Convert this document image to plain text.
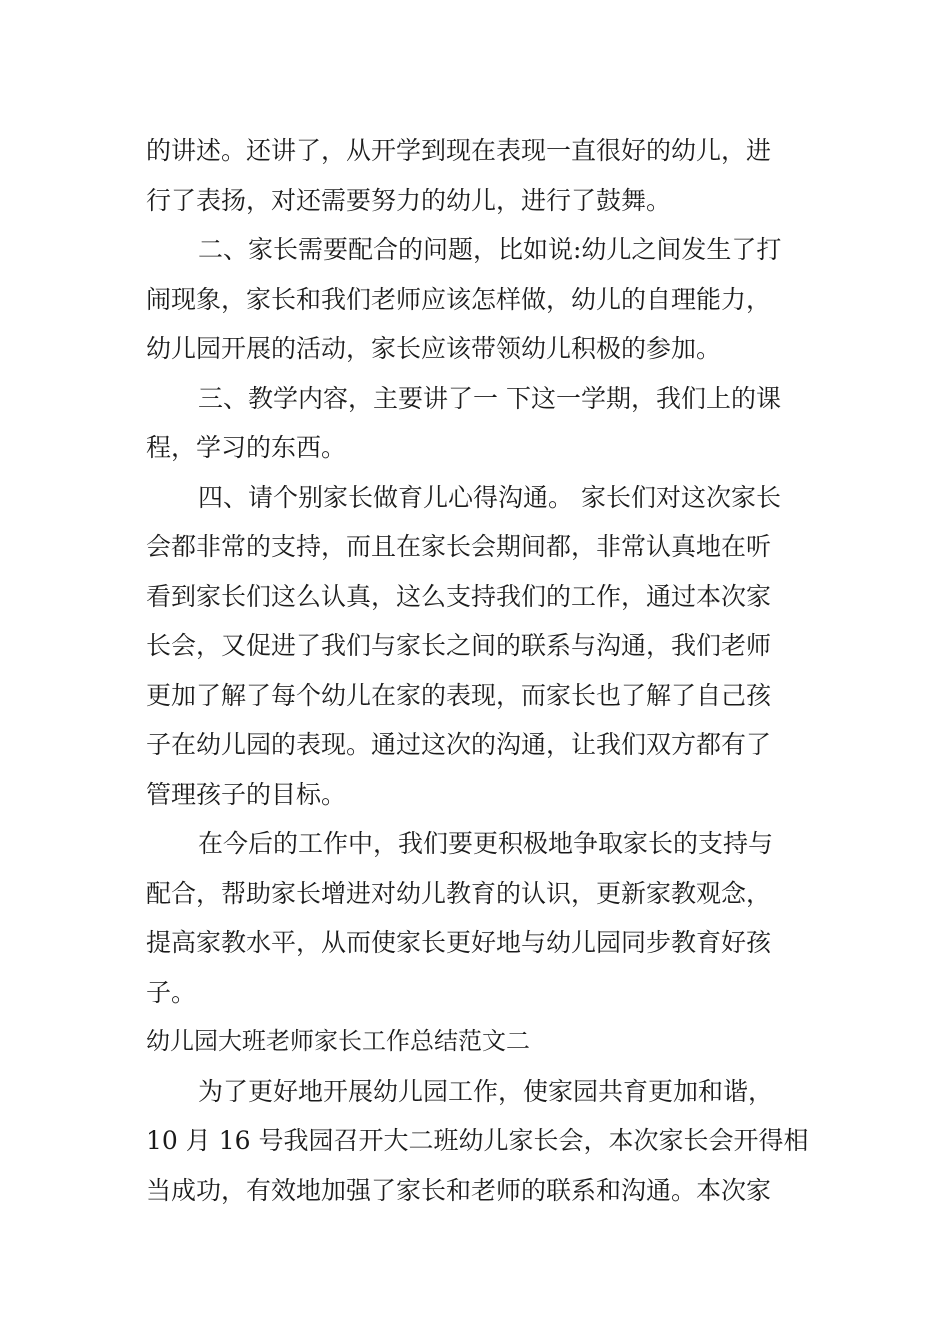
的讲述。还讲了，从开学到现在表现一直很好的幼儿，进
行了表扬，对还需要努力的幼儿，进行了鼓舞。
二、家长需要配合的问题，比如说:幼儿之间发生了打
闹现象，家长和我们老师应该怎样做，幼儿的自理能力，
幼儿园开展的活动，家长应该带领幼儿积极的参加。
三、教学内容，主要讲了一 下这一学期，我们上的课
程，学习的东西。
四、请个别家长做育儿心得沟通。 家长们对这次家长
会都非常的支持，而且在家长会期间都，非常认真地在听
看到家长们这么认真，这么支持我们的工作，通过本次家
长会，又促进了我们与家长之间的联系与沟通，我们老师
更加了解了每个幼儿在家的表现，而家长也了解了自己孩
子在幼儿园的表现。通过这次的沟通，让我们双方都有了
管理孩子的目标。
在今后的工作中，我们要更积极地争取家长的支持与
配合，帮助家长增进对幼儿教育的认识，更新家教观念，
提高家教水平，从而使家长更好地与幼儿园同步教育好孩
子。
幼儿园大班老师家长工作总结范文二
为了更好地开展幼儿园工作，使家园共育更加和谐，
10 月 16 号我园召开大二班幼儿家长会，本次家长会开得相
当成功，有效地加强了家长和老师的联系和沟通。本次家
